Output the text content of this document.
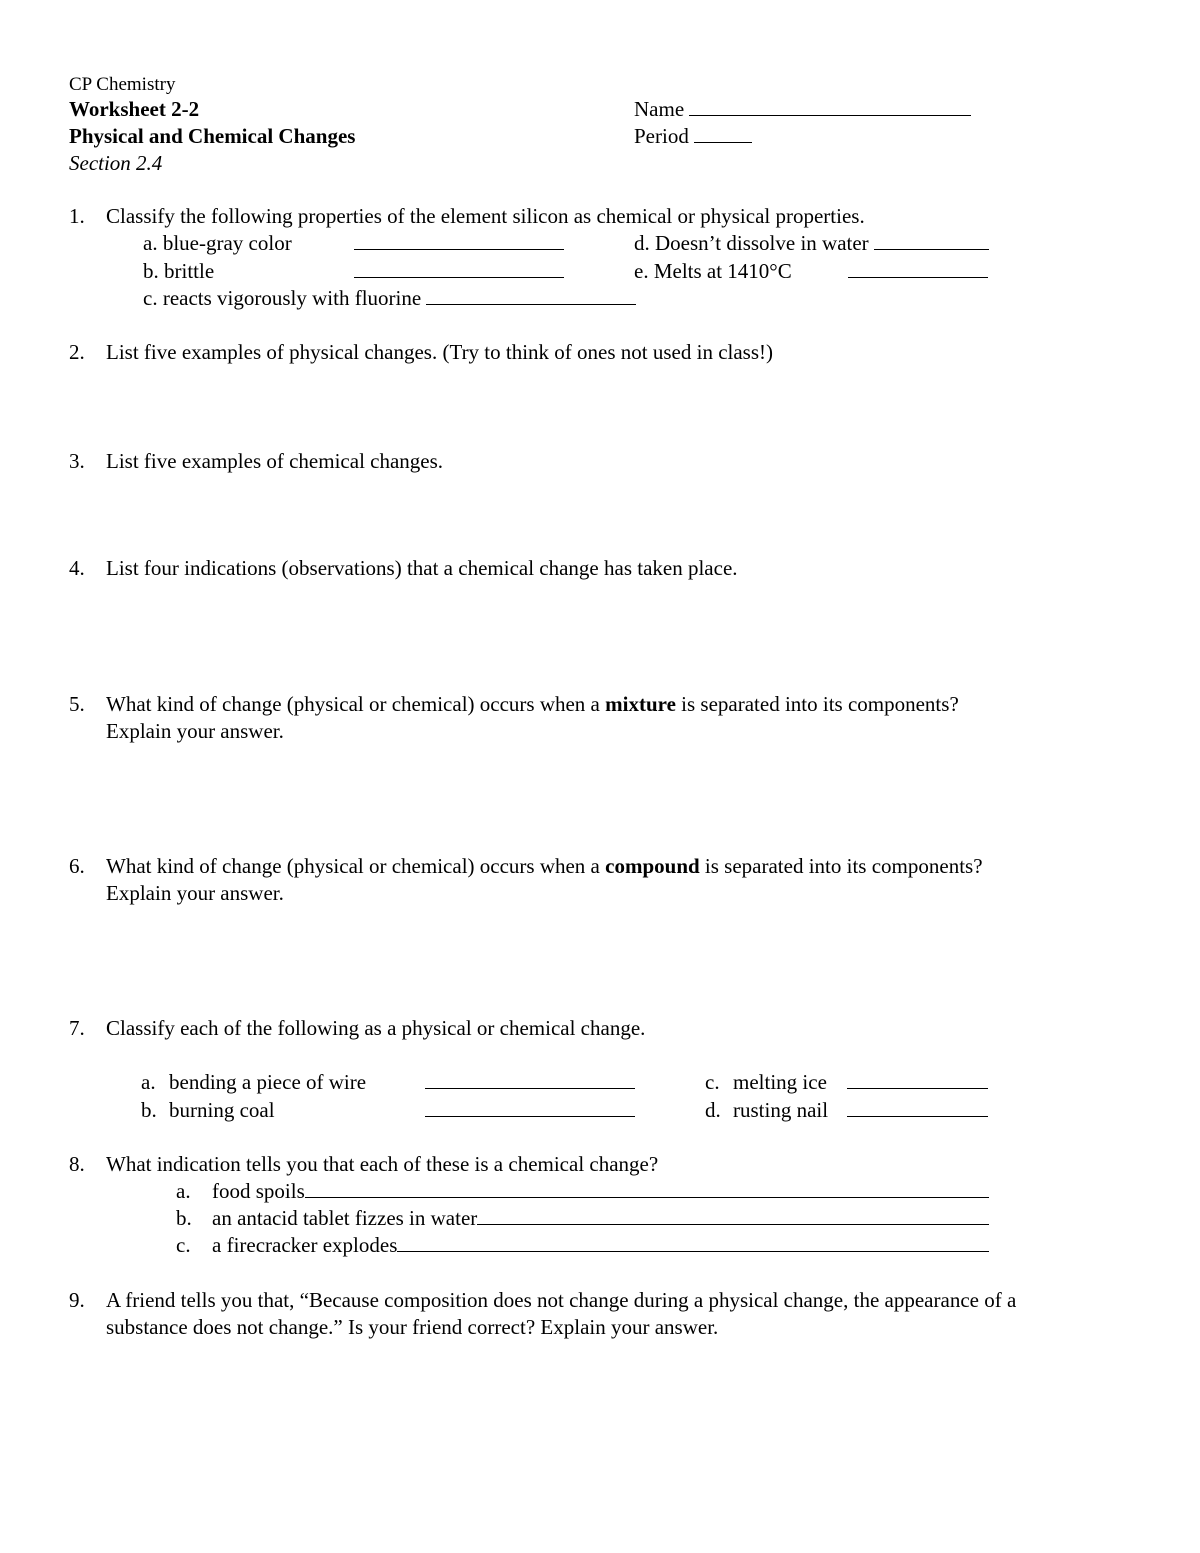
CP Chemistry
Worksheet 2-2
Physical and Chemical Changes
Section 2.4
Name
Period
1. Classify the following properties of the element silicon as chemical or physical properties.
a. blue-gray color	d. Doesn’t dissolve in water
b. brittle	e. Melts at 1410°C
c. reacts vigorously with fluorine
2. List five examples of physical changes. (Try to think of ones not used in class!)
3. List five examples of chemical changes.
4. List four indications (observations) that a chemical change has taken place.
5. What kind of change (physical or chemical) occurs when a mixture is separated into its components?
Explain your answer.
6. What kind of change (physical or chemical) occurs when a compound is separated into its components?
Explain your answer.
7. Classify each of the following as a physical or chemical change.
a. bending a piece of wire	c. melting ice
b. burning coal	d. rusting nail
8. What indication tells you that each of these is a chemical change?
a. food spoils
b. an antacid tablet fizzes in water
c. a firecracker explodes
9. A friend tells you that, “Because composition does not change during a physical change, the appearance of a
substance does not change.” Is your friend correct? Explain your answer.
